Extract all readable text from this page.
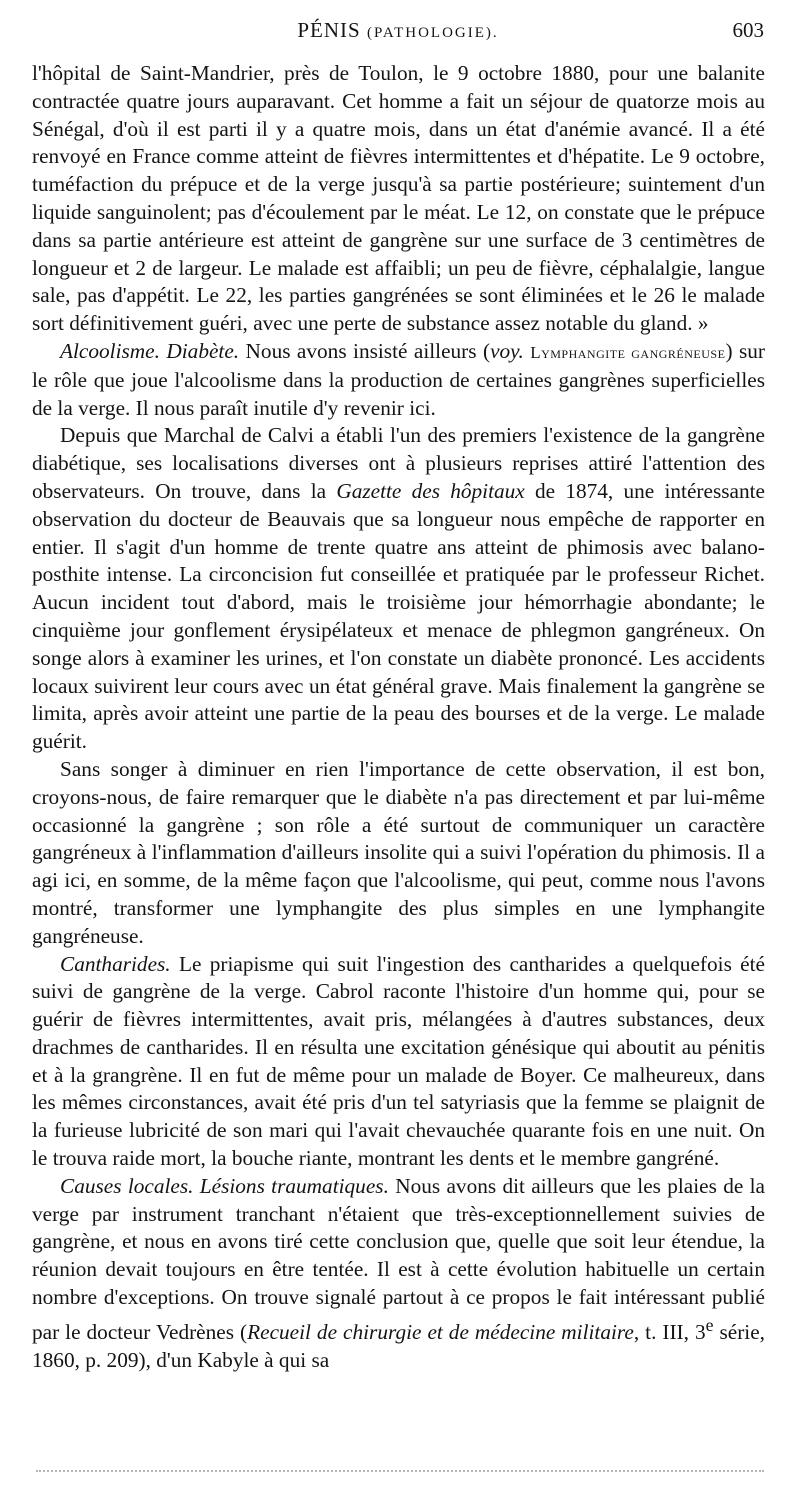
PÉNIS (PATHOLOGIE).	603

l'hôpital de Saint-Mandrier, près de Toulon, le 9 octobre 1880, pour une balanite contractée quatre jours auparavant. Cet homme a fait un séjour de quatorze mois au Sénégal, d'où il est parti il y a quatre mois, dans un état d'anémie avancé. Il a été renvoyé en France comme atteint de fièvres intermittentes et d'hépatite. Le 9 octobre, tuméfaction du prépuce et de la verge jusqu'à sa partie postérieure; suintement d'un liquide sanguinolent; pas d'écoulement par le méat. Le 12, on constate que le prépuce dans sa partie antérieure est atteint de gangrène sur une surface de 3 centimètres de longueur et 2 de largeur. Le malade est affaibli; un peu de fièvre, céphalalgie, langue sale, pas d'appétit. Le 22, les parties gangrénées se sont éliminées et le 26 le malade sort définitivement guéri, avec une perte de substance assez notable du gland. »

Alcoolisme. Diabète. Nous avons insisté ailleurs (voy. Lymphangite gangréneuse) sur le rôle que joue l'alcoolisme dans la production de certaines gangrènes superficielles de la verge. Il nous paraît inutile d'y revenir ici.

Depuis que Marchal de Calvi a établi l'un des premiers l'existence de la gangrène diabétique, ses localisations diverses ont à plusieurs reprises attiré l'attention des observateurs. On trouve, dans la Gazette des hôpitaux de 1874, une intéressante observation du docteur de Beauvais que sa longueur nous empêche de rapporter en entier. Il s'agit d'un homme de trente quatre ans atteint de phimosis avec balano-posthite intense. La circoncision fut conseillée et pratiquée par le professeur Richet. Aucun incident tout d'abord, mais le troisième jour hémorrhagie abondante; le cinquième jour gonflement érysipélateux et menace de phlegmon gangréneux. On songe alors à examiner les urines, et l'on constate un diabète prononcé. Les accidents locaux suivirent leur cours avec un état général grave. Mais finalement la gangrène se limita, après avoir atteint une partie de la peau des bourses et de la verge. Le malade guérit.

Sans songer à diminuer en rien l'importance de cette observation, il est bon, croyons-nous, de faire remarquer que le diabète n'a pas directement et par lui-même occasionné la gangrène ; son rôle a été surtout de communiquer un caractère gangréneux à l'inflammation d'ailleurs insolite qui a suivi l'opération du phimosis. Il a agi ici, en somme, de la même façon que l'alcoolisme, qui peut, comme nous l'avons montré, transformer une lymphangite des plus simples en une lymphangite gangréneuse.

Cantharides. Le priapisme qui suit l'ingestion des cantharides a quelquefois été suivi de gangrène de la verge. Cabrol raconte l'histoire d'un homme qui, pour se guérir de fièvres intermittentes, avait pris, mélangées à d'autres substances, deux drachmes de cantharides. Il en résulta une excitation génésique qui aboutit au pénitis et à la grangrène. Il en fut de même pour un malade de Boyer. Ce malheureux, dans les mêmes circonstances, avait été pris d'un tel satyriasis que la femme se plaignit de la furieuse lubricité de son mari qui l'avait chevauchée quarante fois en une nuit. On le trouva raide mort, la bouche riante, montrant les dents et le membre gangréné.

Causes locales. Lésions traumatiques. Nous avons dit ailleurs que les plaies de la verge par instrument tranchant n'étaient que très-exceptionnellement suivies de gangrène, et nous en avons tiré cette conclusion que, quelle que soit leur étendue, la réunion devait toujours en être tentée. Il est à cette évolution habituelle un certain nombre d'exceptions. On trouve signalé partout à ce propos le fait intéressant publié par le docteur Vedrènes (Recueil de chirurgie et de médecine militaire, t. III, 3e série, 1860, p. 209), d'un Kabyle à qui sa
